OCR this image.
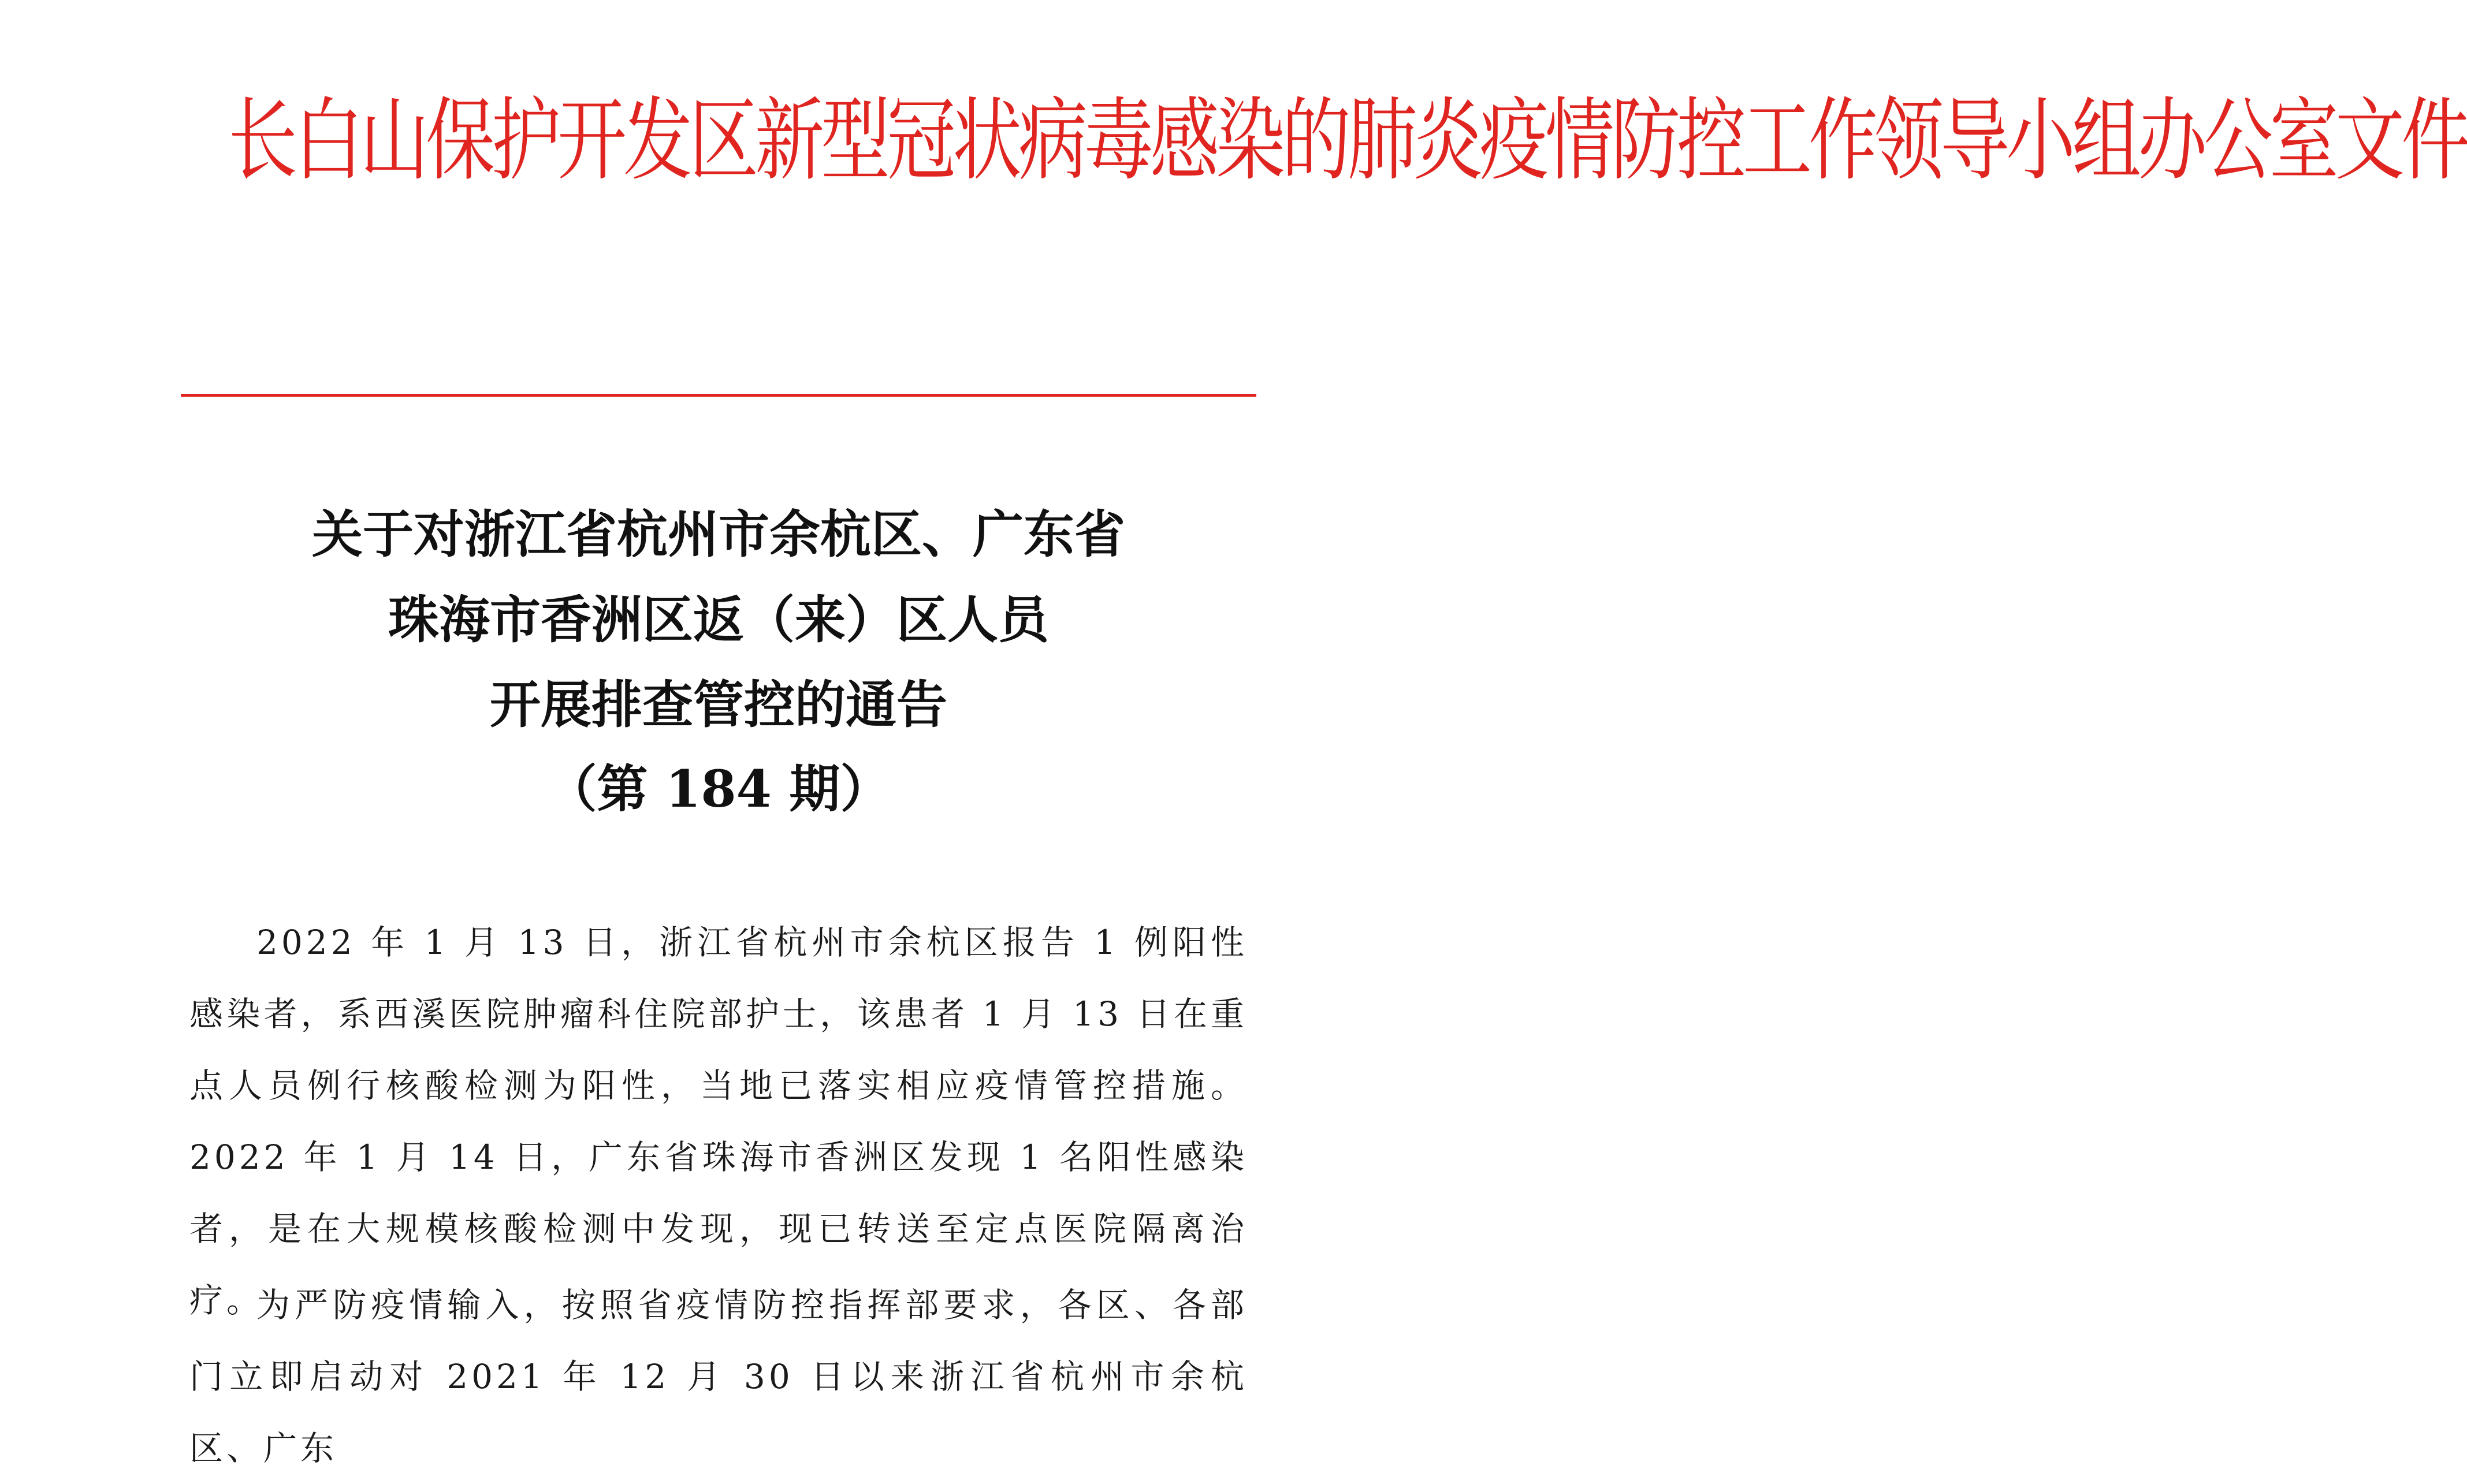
长白山保护开发区新型冠状病毒感染的肺炎疫情防控工作领导小组办公室文件
关于对浙江省杭州市余杭区、广东省
珠海市香洲区返（来）区人员
开展排查管控的通告
（第 184 期）

2022 年 1 月 13 日，浙江省杭州市余杭区报告 1 例阳性感染者，系西溪医院肿瘤科住院部护士，该患者 1 月 13 日在重点人员例行核酸检测为阳性，当地已落实相应疫情管控措施。2022 年 1 月 14 日，广东省珠海市香洲区发现 1 名阳性感染者，是在大规模核酸检测中发现，现已转送至定点医院隔离治疗。

为严防疫情输入，按照省疫情防控指挥部要求，各区、各部门立即启动对 2021 年 12 月 30 日以来浙江省杭州市余杭区、广东
